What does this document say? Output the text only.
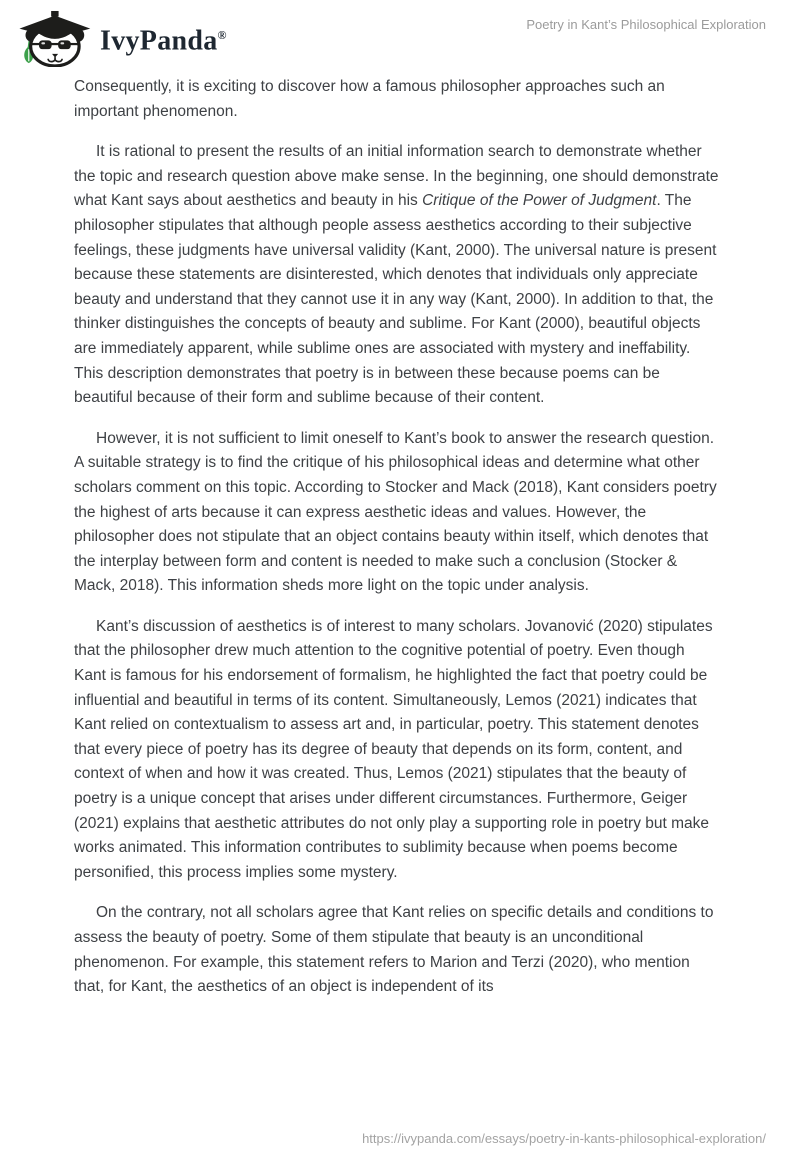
IvyPanda®
Poetry in Kant’s Philosophical Exploration

Consequently, it is exciting to discover how a famous philosopher approaches such an important phenomenon.

It is rational to present the results of an initial information search to demonstrate whether the topic and research question above make sense. In the beginning, one should demonstrate what Kant says about aesthetics and beauty in his Critique of the Power of Judgment. The philosopher stipulates that although people assess aesthetics according to their subjective feelings, these judgments have universal validity (Kant, 2000). The universal nature is present because these statements are disinterested, which denotes that individuals only appreciate beauty and understand that they cannot use it in any way (Kant, 2000). In addition to that, the thinker distinguishes the concepts of beauty and sublime. For Kant (2000), beautiful objects are immediately apparent, while sublime ones are associated with mystery and ineffability. This description demonstrates that poetry is in between these because poems can be beautiful because of their form and sublime because of their content.

However, it is not sufficient to limit oneself to Kant’s book to answer the research question. A suitable strategy is to find the critique of his philosophical ideas and determine what other scholars comment on this topic. According to Stocker and Mack (2018), Kant considers poetry the highest of arts because it can express aesthetic ideas and values. However, the philosopher does not stipulate that an object contains beauty within itself, which denotes that the interplay between form and content is needed to make such a conclusion (Stocker & Mack, 2018). This information sheds more light on the topic under analysis.

Kant’s discussion of aesthetics is of interest to many scholars. Jovanović (2020) stipulates that the philosopher drew much attention to the cognitive potential of poetry. Even though Kant is famous for his endorsement of formalism, he highlighted the fact that poetry could be influential and beautiful in terms of its content. Simultaneously, Lemos (2021) indicates that Kant relied on contextualism to assess art and, in particular, poetry. This statement denotes that every piece of poetry has its degree of beauty that depends on its form, content, and context of when and how it was created. Thus, Lemos (2021) stipulates that the beauty of poetry is a unique concept that arises under different circumstances. Furthermore, Geiger (2021) explains that aesthetic attributes do not only play a supporting role in poetry but make works animated. This information contributes to sublimity because when poems become personified, this process implies some mystery.

On the contrary, not all scholars agree that Kant relies on specific details and conditions to assess the beauty of poetry. Some of them stipulate that beauty is an unconditional phenomenon. For example, this statement refers to Marion and Terzi (2020), who mention that, for Kant, the aesthetics of an object is independent of its

https://ivypanda.com/essays/poetry-in-kants-philosophical-exploration/
